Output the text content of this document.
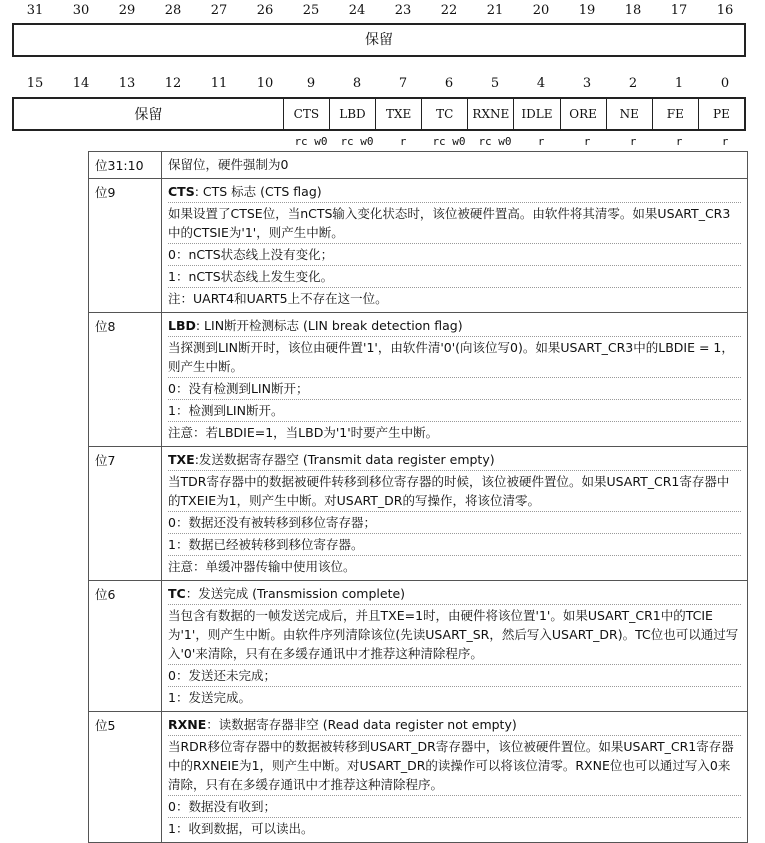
31	30	29	28	27	26	25	24	23	22	21	20	19	18	17	16
保留
15	14	13	12	11	10	9	8	7	6	5	4	3	2	1	0
保留	CTS	LBD	TXE	TC	RXNE	IDLE	ORE	NE	FE	PE
rc w0	rc w0	r	rc w0	rc w0	r	r	r	r	r
位31:10	保留位，硬件强制为0

位9	CTS: CTS 标志 (CTS flag)
如果设置了CTSE位，当nCTS输入变化状态时，该位被硬件置高。由软件将其清零。如果USART_CR3中的CTSIE为'1'，则产生中断。
0：nCTS状态线上没有变化；
1：nCTS状态线上发生变化。
注：UART4和UART5上不存在这一位。

位8	LBD: LIN断开检测标志 (LIN break detection flag)
当探测到LIN断开时，该位由硬件置'1'，由软件清'0'(向该位写0)。如果USART_CR3中的LBDIE = 1，则产生中断。
0：没有检测到LIN断开；
1：检测到LIN断开。
注意：若LBDIE=1，当LBD为'1'时要产生中断。

位7	TXE:发送数据寄存器空 (Transmit data register empty)
当TDR寄存器中的数据被硬件转移到移位寄存器的时候，该位被硬件置位。如果USART_CR1寄存器中的TXEIE为1，则产生中断。对USART_DR的写操作，将该位清零。
0：数据还没有被转移到移位寄存器；
1：数据已经被转移到移位寄存器。
注意：单缓冲器传输中使用该位。

位6	TC：发送完成 (Transmission complete)
当包含有数据的一帧发送完成后，并且TXE=1时，由硬件将该位置'1'。如果USART_CR1中的TCIE为'1'，则产生中断。由软件序列清除该位(先读USART_SR，然后写入USART_DR)。TC位也可以通过写入'0'来清除，只有在多缓存通讯中才推荐这种清除程序。
0：发送还未完成；
1：发送完成。

位5	RXNE：读数据寄存器非空 (Read data register not empty)
当RDR移位寄存器中的数据被转移到USART_DR寄存器中，该位被硬件置位。如果USART_CR1寄存器中的RXNEIE为1，则产生中断。对USART_DR的读操作可以将该位清零。RXNE位也可以通过写入0来清除，只有在多缓存通讯中才推荐这种清除程序。
0：数据没有收到；
1：收到数据，可以读出。
